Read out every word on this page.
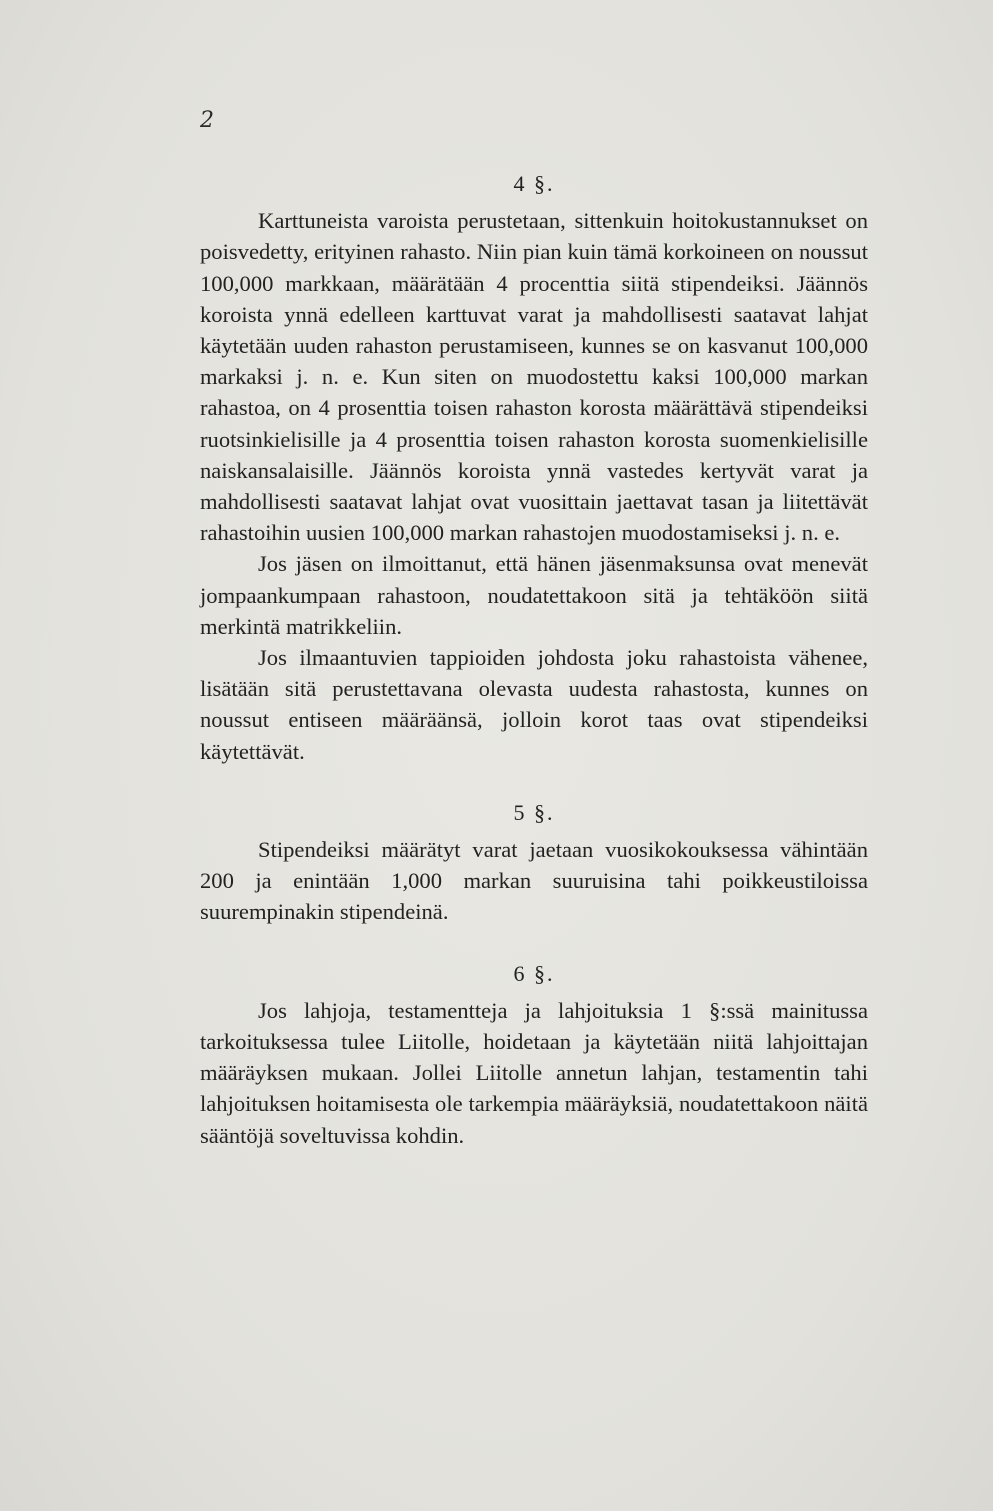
2
4 §.

Karttuneista varoista perustetaan, sittenkuin hoitokustannukset on poisvedetty, erityinen rahasto. Niin pian kuin tämä korkoineen on noussut 100,000 markkaan, määrätään 4 procenttia siitä stipendeiksi. Jäännös koroista ynnä edelleen karttuvat varat ja mahdollisesti saatavat lahjat käytetään uuden rahaston perustamiseen, kunnes se on kasvanut 100,000 markaksi j. n. e. Kun siten on muodostettu kaksi 100,000 markan rahastoa, on 4 prosenttia toisen rahaston korosta määrättävä stipendeiksi ruotsinkielisille ja 4 prosenttia toisen rahaston korosta suomenkielisille naiskansalaisille. Jäännös koroista ynnä vastedes kertyvät varat ja mahdollisesti saatavat lahjat ovat vuosittain jaettavat tasan ja liitettävät rahastoihin uusien 100,000 markan rahastojen muodostamiseksi j. n. e.

Jos jäsen on ilmoittanut, että hänen jäsenmaksunsa ovat menevät jompaankumpaan rahastoon, noudatettakoon sitä ja tehtäköön siitä merkintä matrikkeliin.

Jos ilmaantuvien tappioiden johdosta joku rahastoista vähenee, lisätään sitä perustettavana olevasta uudesta rahastosta, kunnes on noussut entiseen määräänsä, jolloin korot taas ovat stipendeiksi käytettävät.

5 §.

Stipendeiksi määrätyt varat jaetaan vuosikokouksessa vähintään 200 ja enintään 1,000 markan suuruisina tahi poikkeustiloissa suurempinakin stipendeinä.

6 §.

Jos lahjoja, testamentteja ja lahjoituksia 1 §:ssä mainitussa tarkoituksessa tulee Liitolle, hoidetaan ja käytetään niitä lahjoittajan määräyksen mukaan. Jollei Liitolle annetun lahjan, testamentin tahi lahjoituksen hoitamisesta ole tarkempia määräyksiä, noudatettakoon näitä sääntöjä soveltuvissa kohdin.
